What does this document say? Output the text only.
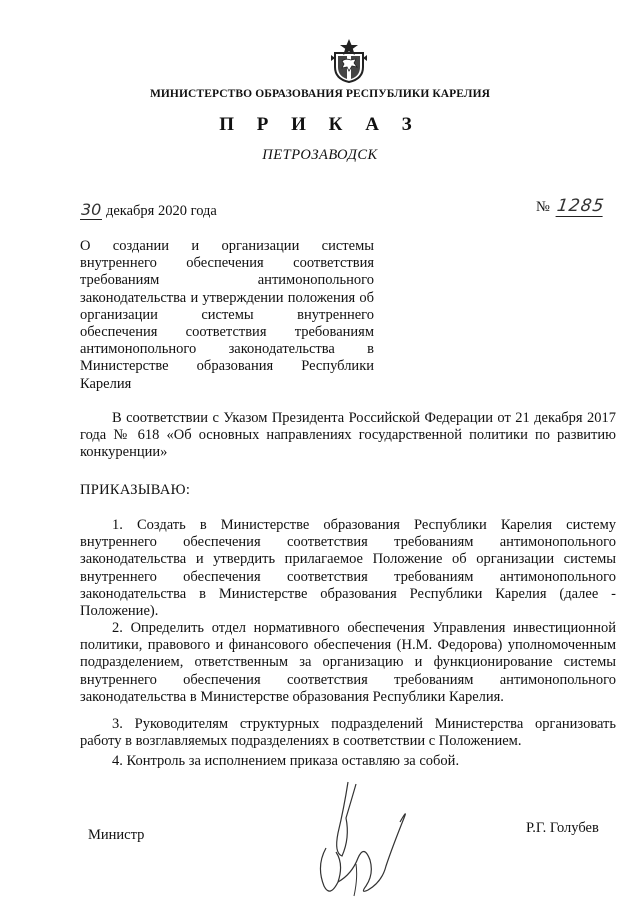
МИНИСТЕРСТВО ОБРАЗОВАНИЯ РЕСПУБЛИКИ КАРЕЛИЯ
П Р И К А З
ПЕТРОЗАВОДСК
30 декабря 2020 года	№ 1285

О создании и организации системы внутреннего обеспечения соответствия требованиям антимонопольного законодательства и утверждении положения об организации системы внутреннего обеспечения соответствия требованиям антимонопольного законодательства в Министерстве образования Республики Карелия

В соответствии с Указом Президента Российской Федерации от 21 декабря 2017 года № 618 «Об основных направлениях государственной политики по развитию конкуренции»

ПРИКАЗЫВАЮ:

1. Создать в Министерстве образования Республики Карелия систему внутреннего обеспечения соответствия требованиям антимонопольного законодательства и утвердить прилагаемое Положение об организации системы внутреннего обеспечения соответствия требованиям антимонопольного законодательства в Министерстве образования Республики Карелия (далее - Положение).

2. Определить отдел нормативного обеспечения Управления инвестиционной политики, правового и финансового обеспечения (Н.М. Федорова) уполномоченным подразделением, ответственным за организацию и функционирование системы внутреннего обеспечения соответствия требованиям антимонопольного законодательства в Министерстве образования Республики Карелия.

3. Руководителям структурных подразделений Министерства организовать работу в возглавляемых подразделениях в соответствии с Положением.

4. Контроль за исполнением приказа оставляю за собой.

Министр	Р.Г. Голубев
